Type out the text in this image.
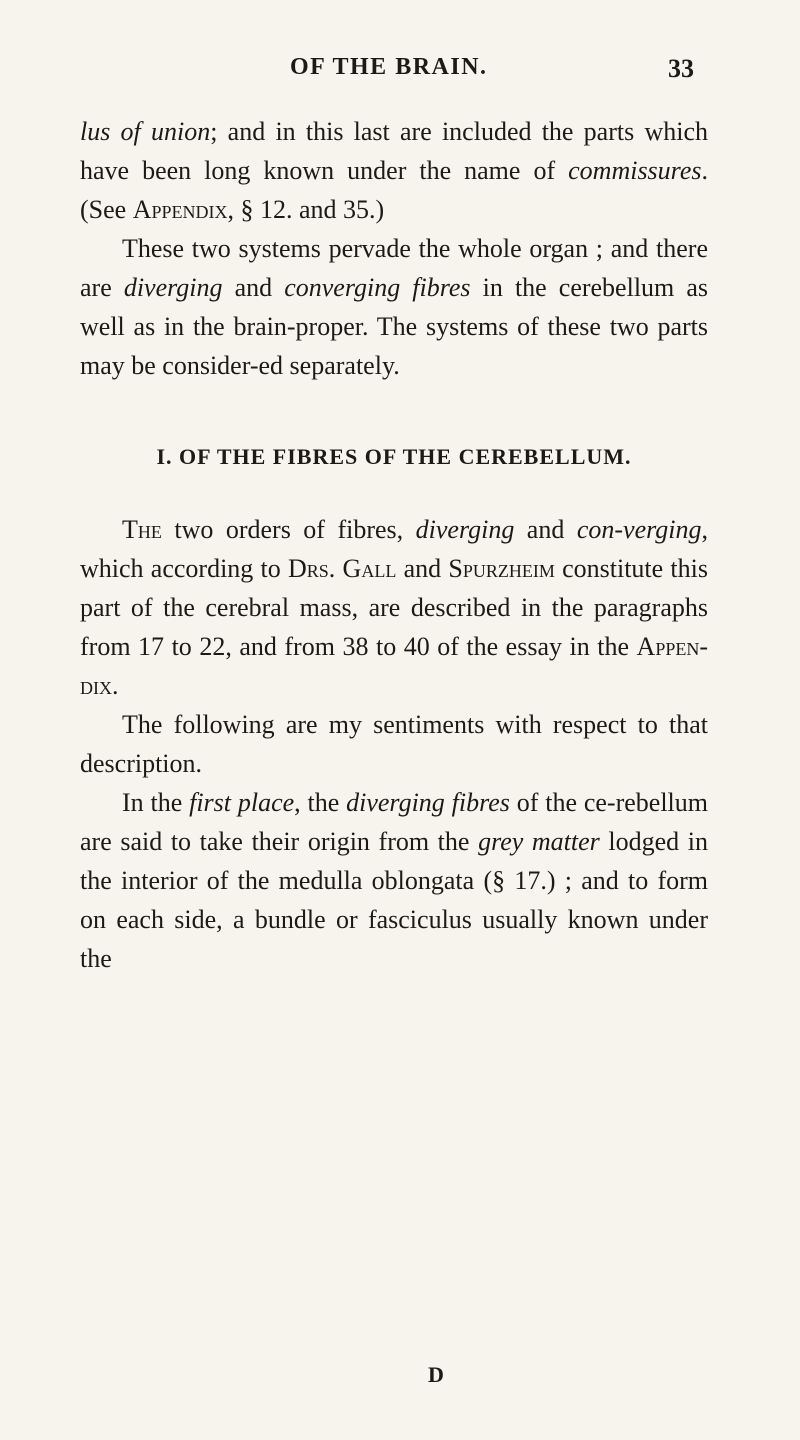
OF THE BRAIN.	33

lus of union; and in this last are included the parts which have been long known under the name of commissures. (See Appendix, § 12. and 35.)

These two systems pervade the whole organ ; and there are diverging and converging fibres in the cerebellum as well as in the brain-proper. The systems of these two parts may be consider-ed separately.

I. OF THE FIBRES OF THE CEREBELLUM.

The two orders of fibres, diverging and con-verging, which according to Drs. Gall and Spurzheim constitute this part of the cerebral mass, are described in the paragraphs from 17 to 22, and from 38 to 40 of the essay in the Appen-dix.

The following are my sentiments with respect to that description.

In the first place, the diverging fibres of the ce-rebellum are said to take their origin from the grey matter lodged in the interior of the medulla oblongata (§ 17.) ; and to form on each side, a bundle or fasciculus usually known under the

D
